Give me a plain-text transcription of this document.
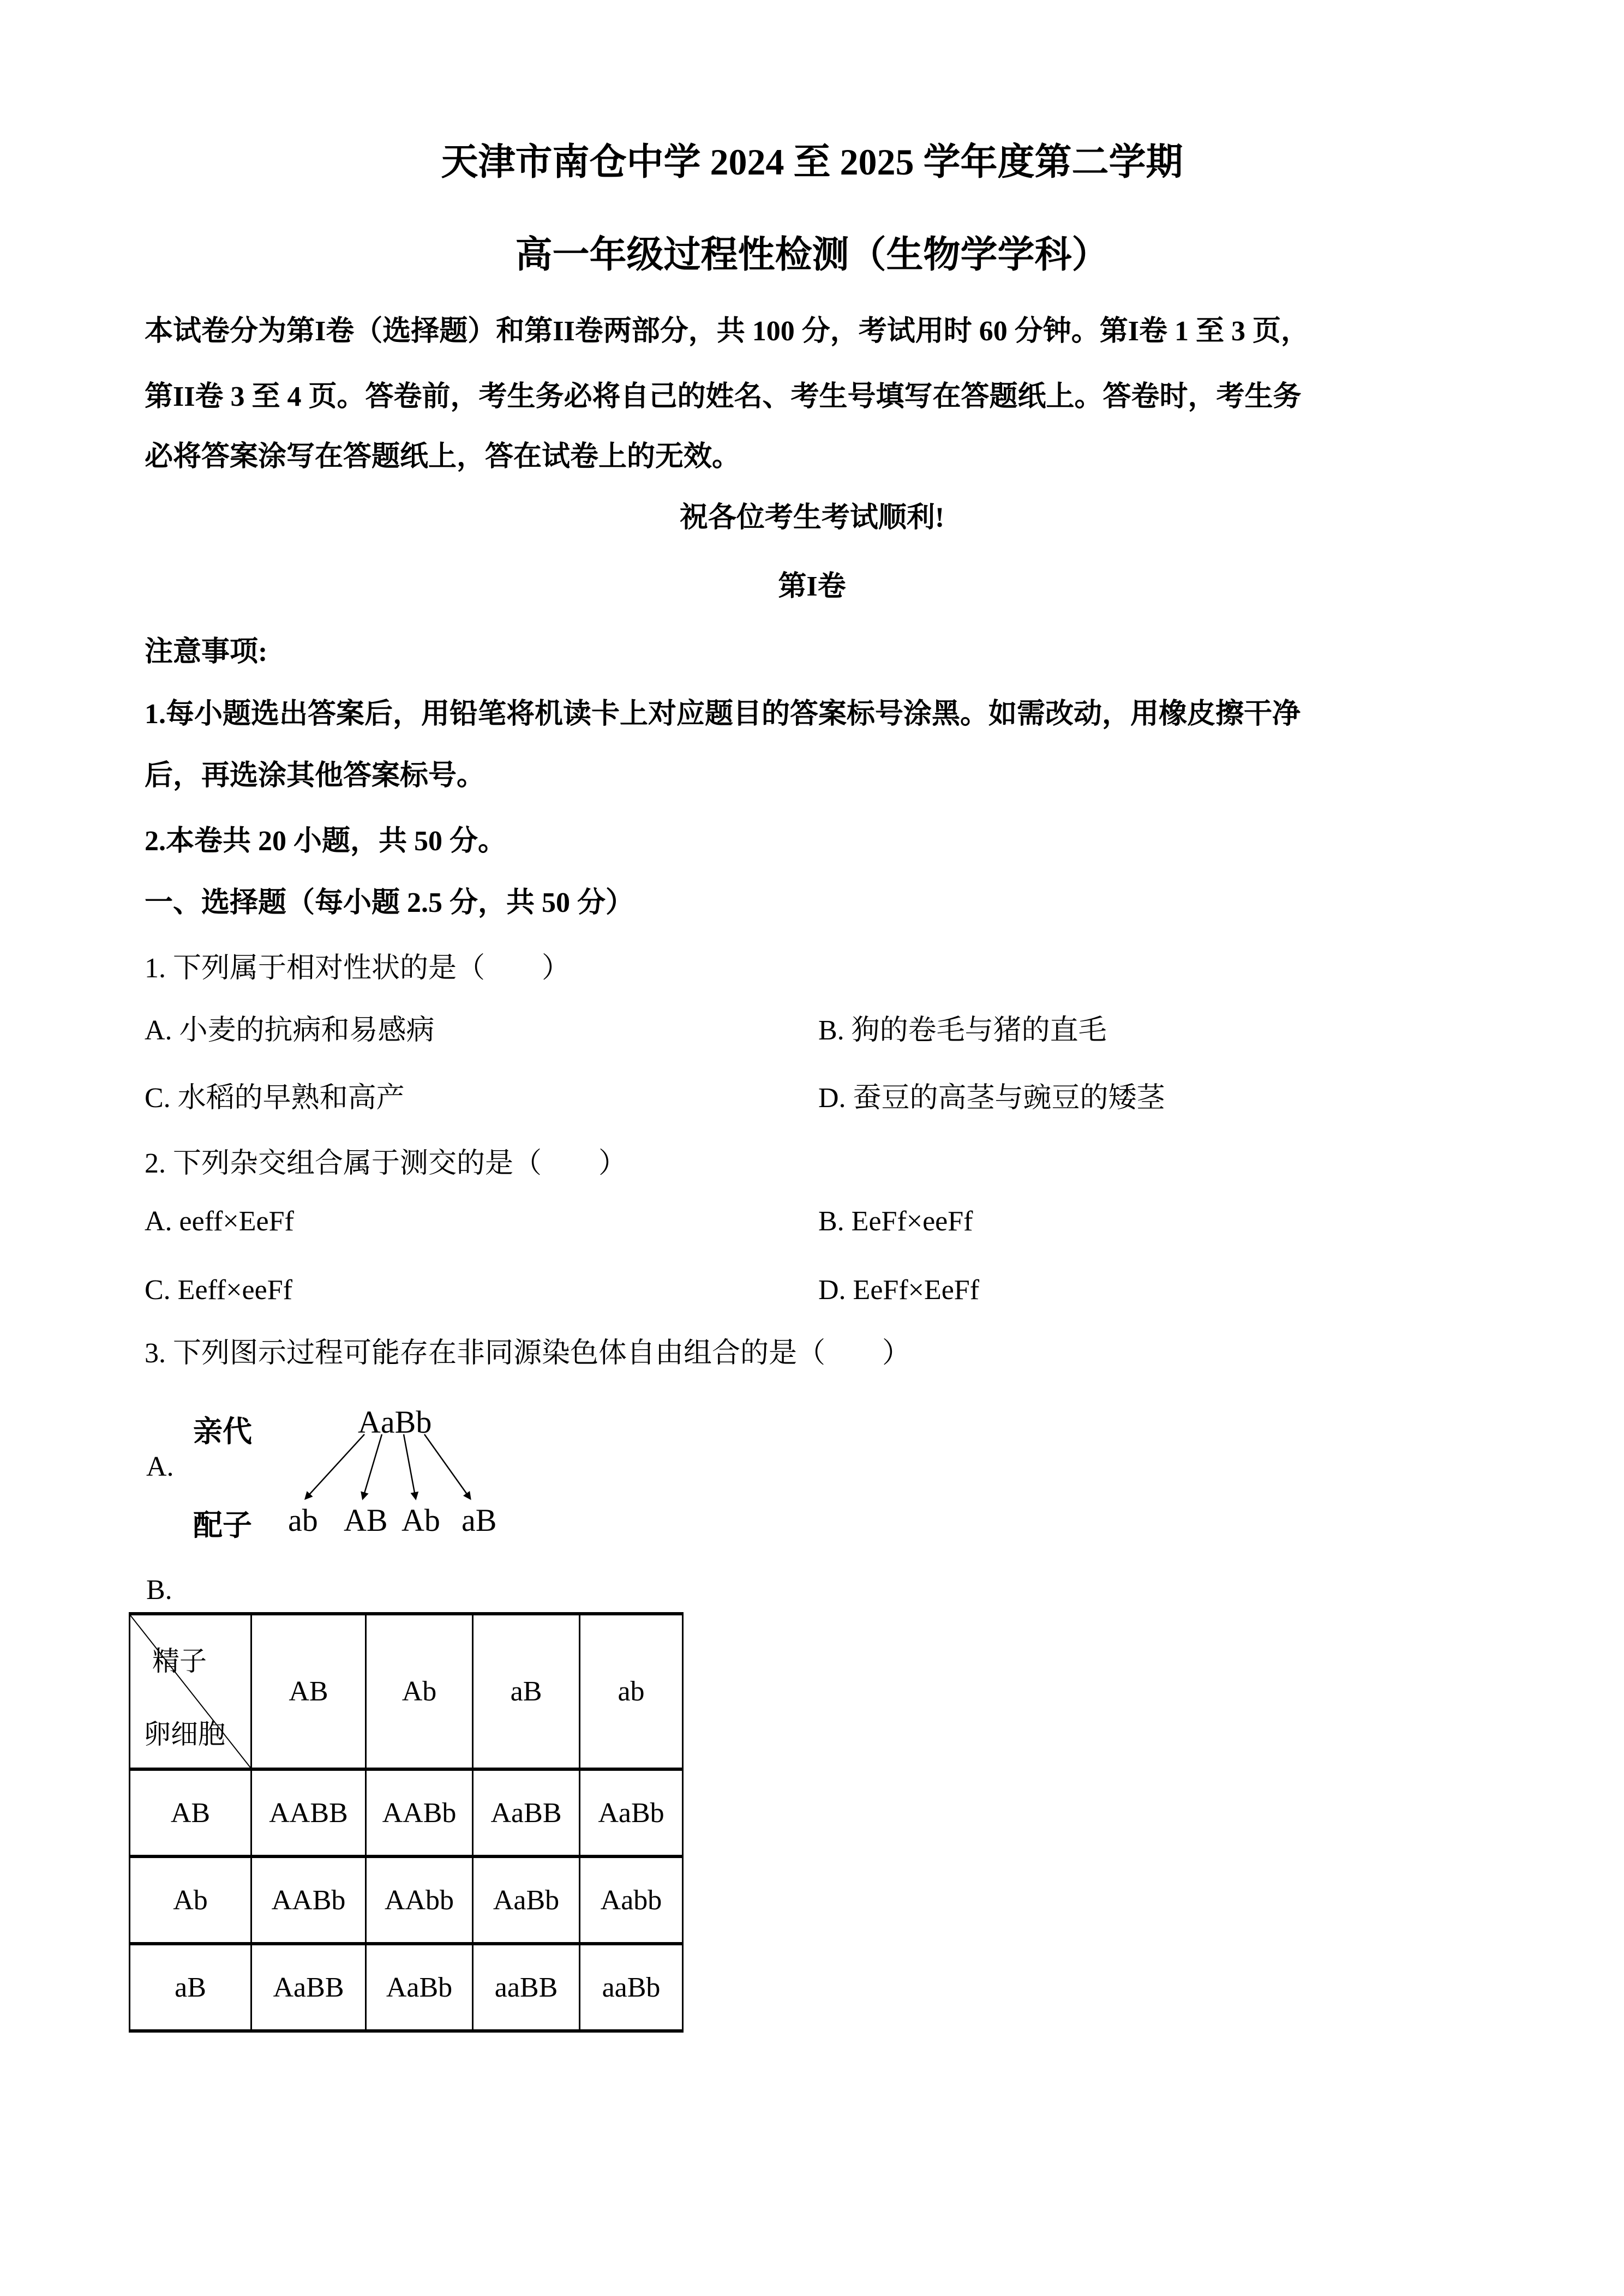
天津市南仓中学 2024 至 2025 学年度第二学期
高一年级过程性检测（生物学学科）
本试卷分为第I卷（选择题）和第II卷两部分，共 100 分，考试用时 60 分钟。第I卷 1 至 3 页，
第II卷 3 至 4 页。答卷前，考生务必将自己的姓名、考生号填写在答题纸上。答卷时，考生务
必将答案涂写在答题纸上，答在试卷上的无效。
祝各位考生考试顺利!
第I卷
注意事项:
1.每小题选出答案后，用铅笔将机读卡上对应题目的答案标号涂黑。如需改动，用橡皮擦干净
后，再选涂其他答案标号。
2.本卷共 20 小题，共 50 分。
一、选择题（每小题 2.5 分，共 50 分）
1. 下列属于相对性状的是（　　）
A. 小麦的抗病和易感病	B. 狗的卷毛与猪的直毛
C. 水稻的早熟和高产	D. 蚕豆的高茎与豌豆的矮茎
2. 下列杂交组合属于测交的是（　　）
A. eeff×EeFf	B. EeFf×eeFf
C. Eeff×eeFf	D. EeFf×EeFf
3. 下列图示过程可能存在非同源染色体自由组合的是（　　）
A.
亲代	AaBb
配子 ab AB Ab aB
B.
精子
卵细胞	AB	Ab	aB	ab
AB	AABB	AABb	AaBB	AaBb
Ab	AABb	AAbb	AaBb	Aabb
aB	AaBB	AaBb	aaBB	aaBb
